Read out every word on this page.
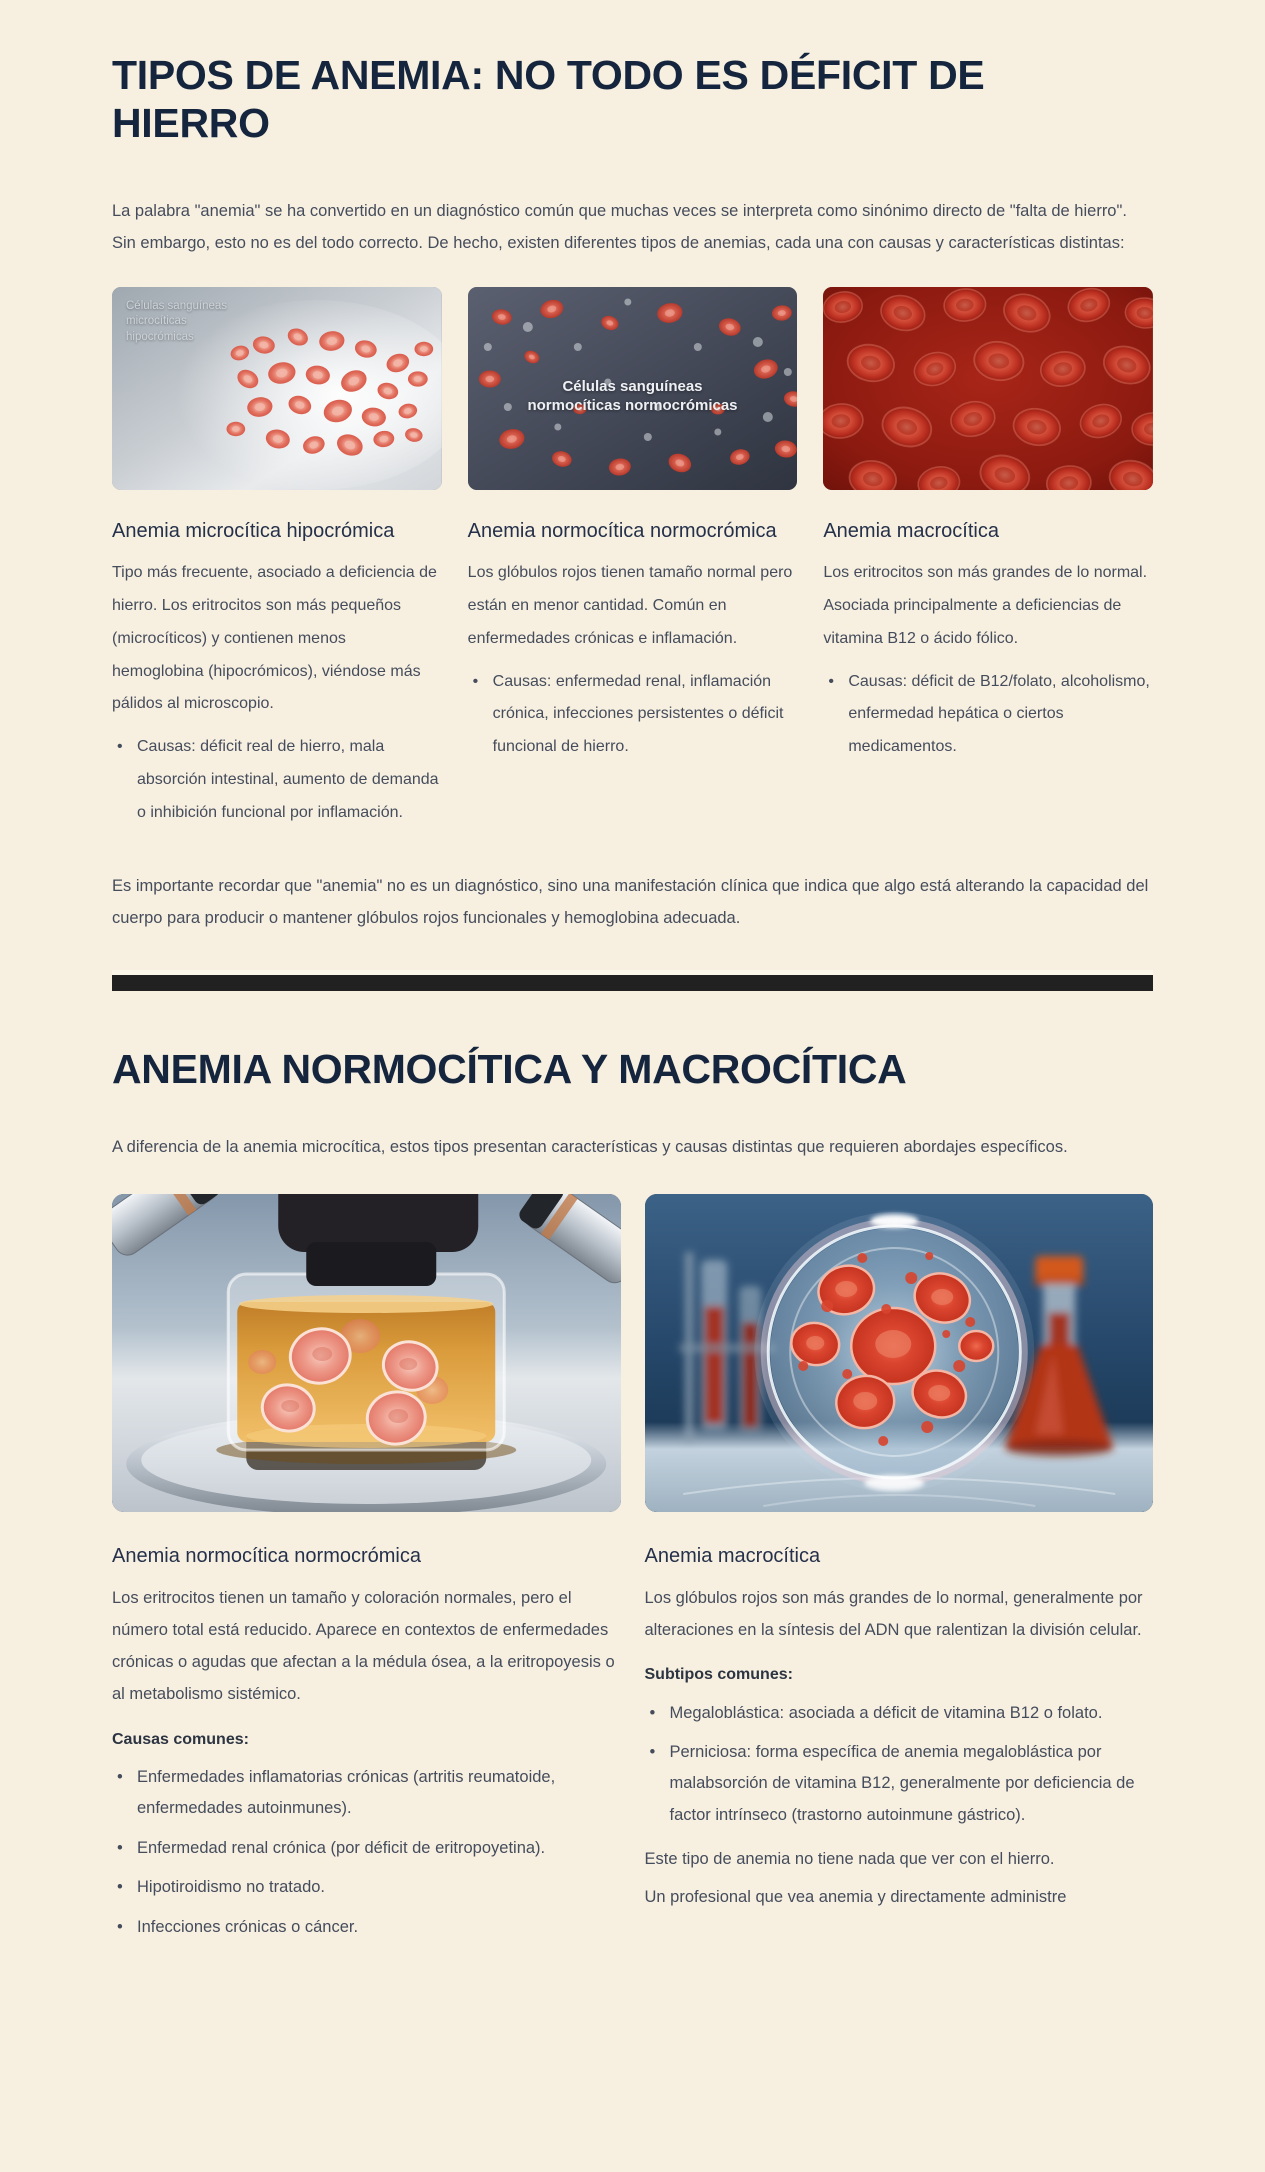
TIPOS DE ANEMIA: NO TODO ES DÉFICIT DE HIERRO

La palabra "anemia" se ha convertido en un diagnóstico común que muchas veces se interpreta como sinónimo directo de "falta de hierro". Sin embargo, esto no es del todo correcto. De hecho, existen diferentes tipos de anemias, cada una con causas y características distintas:

Células sanguíneas microcíticas hipocrómicas
Anemia microcítica hipocrómica

Tipo más frecuente, asociado a deficiencia de hierro. Los eritrocitos son más pequeños (microcíticos) y contienen menos hemoglobina (hipocrómicos), viéndose más pálidos al microscopio.

• Causas: déficit real de hierro, mala absorción intestinal, aumento de demanda o inhibición funcional por inflamación.
Células sanguíneas normocíticas normocrómicas
Anemia normocítica normocrómica

Los glóbulos rojos tienen tamaño normal pero están en menor cantidad. Común en enfermedades crónicas e inflamación.

• Causas: enfermedad renal, inflamación crónica, infecciones persistentes o déficit funcional de hierro.
Anemia macrocítica

Los eritrocitos son más grandes de lo normal. Asociada principalmente a deficiencias de vitamina B12 o ácido fólico.

• Causas: déficit de B12/folato, alcoholismo, enfermedad hepática o ciertos medicamentos.

Es importante recordar que "anemia" no es un diagnóstico, sino una manifestación clínica que indica que algo está alterando la capacidad del cuerpo para producir o mantener glóbulos rojos funcionales y hemoglobina adecuada.

ANEMIA NORMOCÍTICA Y MACROCÍTICA

A diferencia de la anemia microcítica, estos tipos presentan características y causas distintas que requieren abordajes específicos.

Anemia normocítica normocrómica

Los eritrocitos tienen un tamaño y coloración normales, pero el número total está reducido. Aparece en contextos de enfermedades crónicas o agudas que afectan a la médula ósea, a la eritropoyesis o al metabolismo sistémico.

Causas comunes:

• Enfermedades inflamatorias crónicas (artritis reumatoide, enfermedades autoinmunes).
• Enfermedad renal crónica (por déficit de eritropoyetina).
• Hipotiroidismo no tratado.
• Infecciones crónicas o cáncer.
Anemia macrocítica

Los glóbulos rojos son más grandes de lo normal, generalmente por alteraciones en la síntesis del ADN que ralentizan la división celular.

Subtipos comunes:

• Megaloblástica: asociada a déficit de vitamina B12 o folato.
• Perniciosa: forma específica de anemia megaloblástica por malabsorción de vitamina B12, generalmente por deficiencia de factor intrínseco (trastorno autoinmune gástrico).

Este tipo de anemia no tiene nada que ver con el hierro.

Un profesional que vea anemia y directamente administre
